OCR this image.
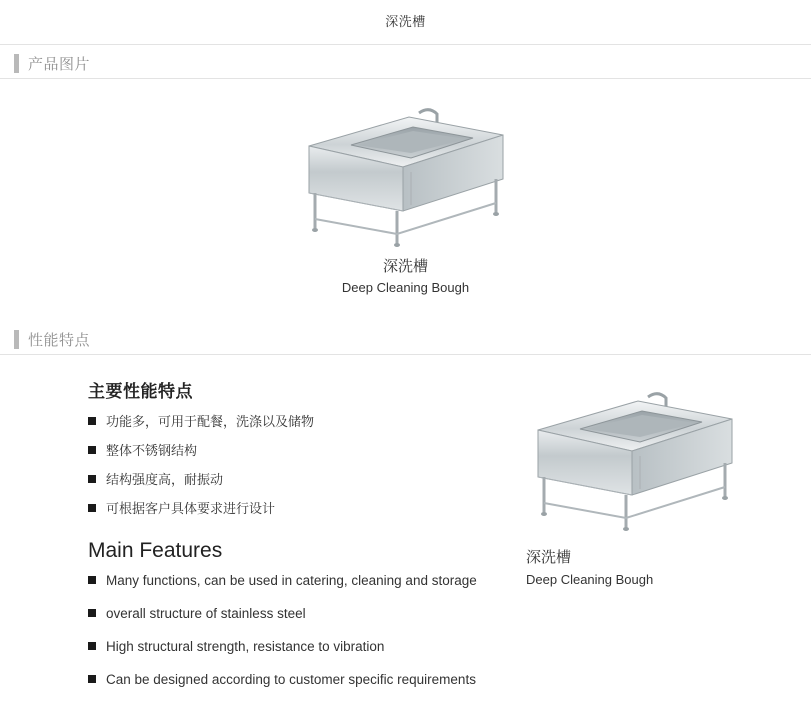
深洗槽
产品图片
深洗槽
Deep Cleaning Bough
性能特点
主要性能特点
功能多，可用于配餐，洗涤以及储物
整体不锈钢结构
结构强度高，耐振动
可根据客户具体要求进行设计
Main Features
Many functions, can be used in catering, cleaning and storage
overall structure of stainless steel
High structural strength, resistance to vibration
Can be designed according to customer specific requirements
深洗槽
Deep Cleaning Bough
